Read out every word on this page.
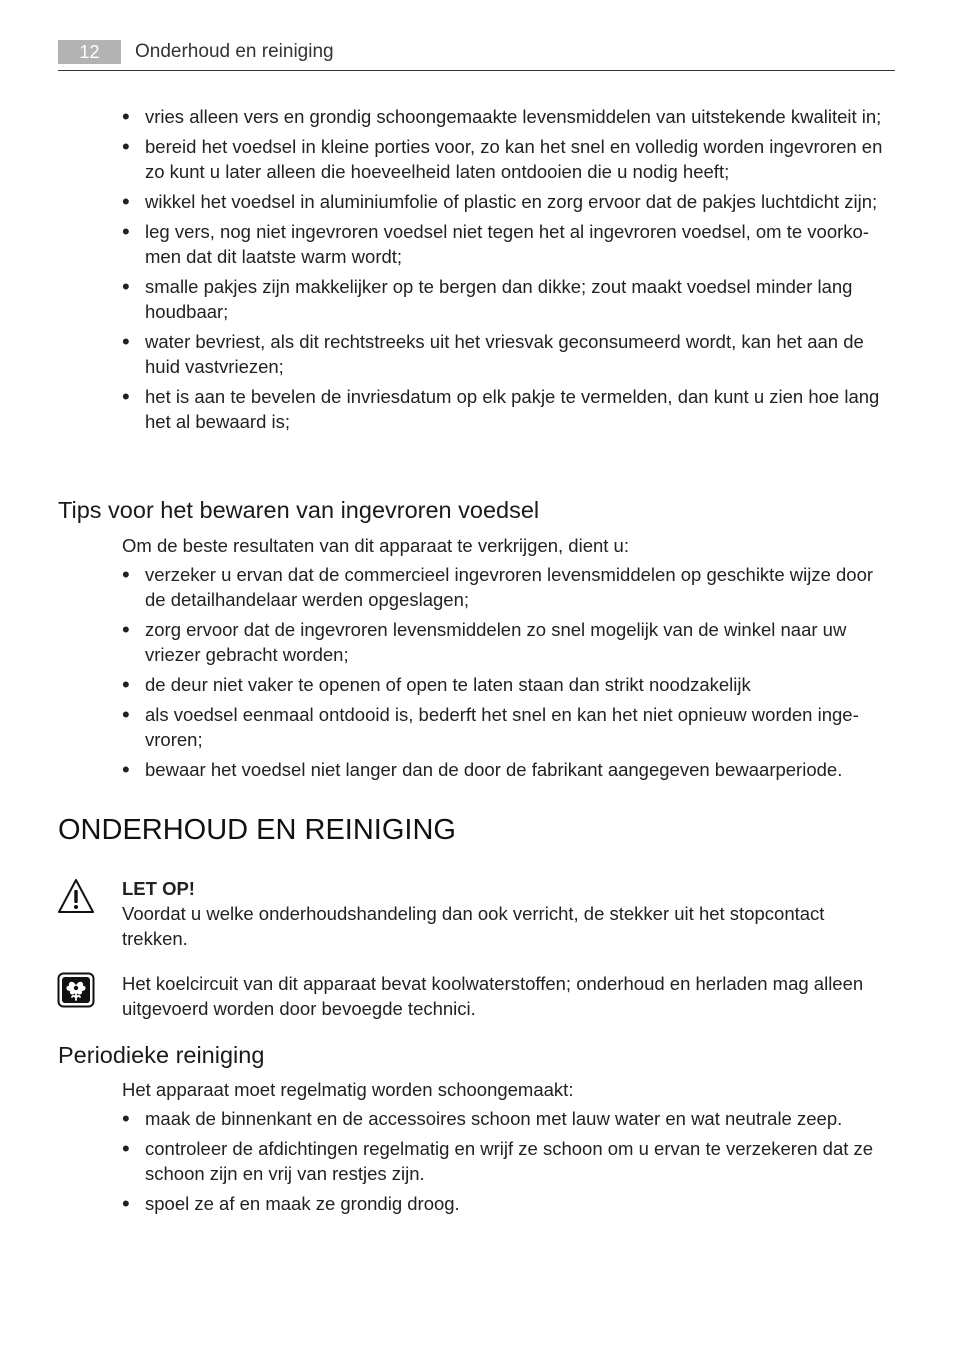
12	Onderhoud en reiniging
• vries alleen vers en grondig schoongemaakte levensmiddelen van uitstekende kwaliteit in;
• bereid het voedsel in kleine porties voor, zo kan het snel en volledig worden ingevroren en zo kunt u later alleen die hoeveelheid laten ontdooien die u nodig heeft;
• wikkel het voedsel in aluminiumfolie of plastic en zorg ervoor dat de pakjes luchtdicht zijn;
• leg vers, nog niet ingevroren voedsel niet tegen het al ingevroren voedsel, om te voorko-men dat dit laatste warm wordt;
• smalle pakjes zijn makkelijker op te bergen dan dikke; zout maakt voedsel minder lang houdbaar;
• water bevriest, als dit rechtstreeks uit het vriesvak geconsumeerd wordt, kan het aan de huid vastvriezen;
• het is aan te bevelen de invriesdatum op elk pakje te vermelden, dan kunt u zien hoe lang het al bewaard is;
Tips voor het bewaren van ingevroren voedsel
Om de beste resultaten van dit apparaat te verkrijgen, dient u:
• verzeker u ervan dat de commercieel ingevroren levensmiddelen op geschikte wijze door de detailhandelaar werden opgeslagen;
• zorg ervoor dat de ingevroren levensmiddelen zo snel mogelijk van de winkel naar uw vriezer gebracht worden;
• de deur niet vaker te openen of open te laten staan dan strikt noodzakelijk
• als voedsel eenmaal ontdooid is, bederft het snel en kan het niet opnieuw worden inge-vroren;
• bewaar het voedsel niet langer dan de door de fabrikant aangegeven bewaarperiode.
ONDERHOUD EN REINIGING
LET OP!
Voordat u welke onderhoudshandeling dan ook verricht, de stekker uit het stopcontact trekken.
Het koelcircuit van dit apparaat bevat koolwaterstoffen; onderhoud en herladen mag alleen uitgevoerd worden door bevoegde technici.
Periodieke reiniging
Het apparaat moet regelmatig worden schoongemaakt:
• maak de binnenkant en de accessoires schoon met lauw water en wat neutrale zeep.
• controleer de afdichtingen regelmatig en wrijf ze schoon om u ervan te verzekeren dat ze schoon zijn en vrij van restjes zijn.
• spoel ze af en maak ze grondig droog.
